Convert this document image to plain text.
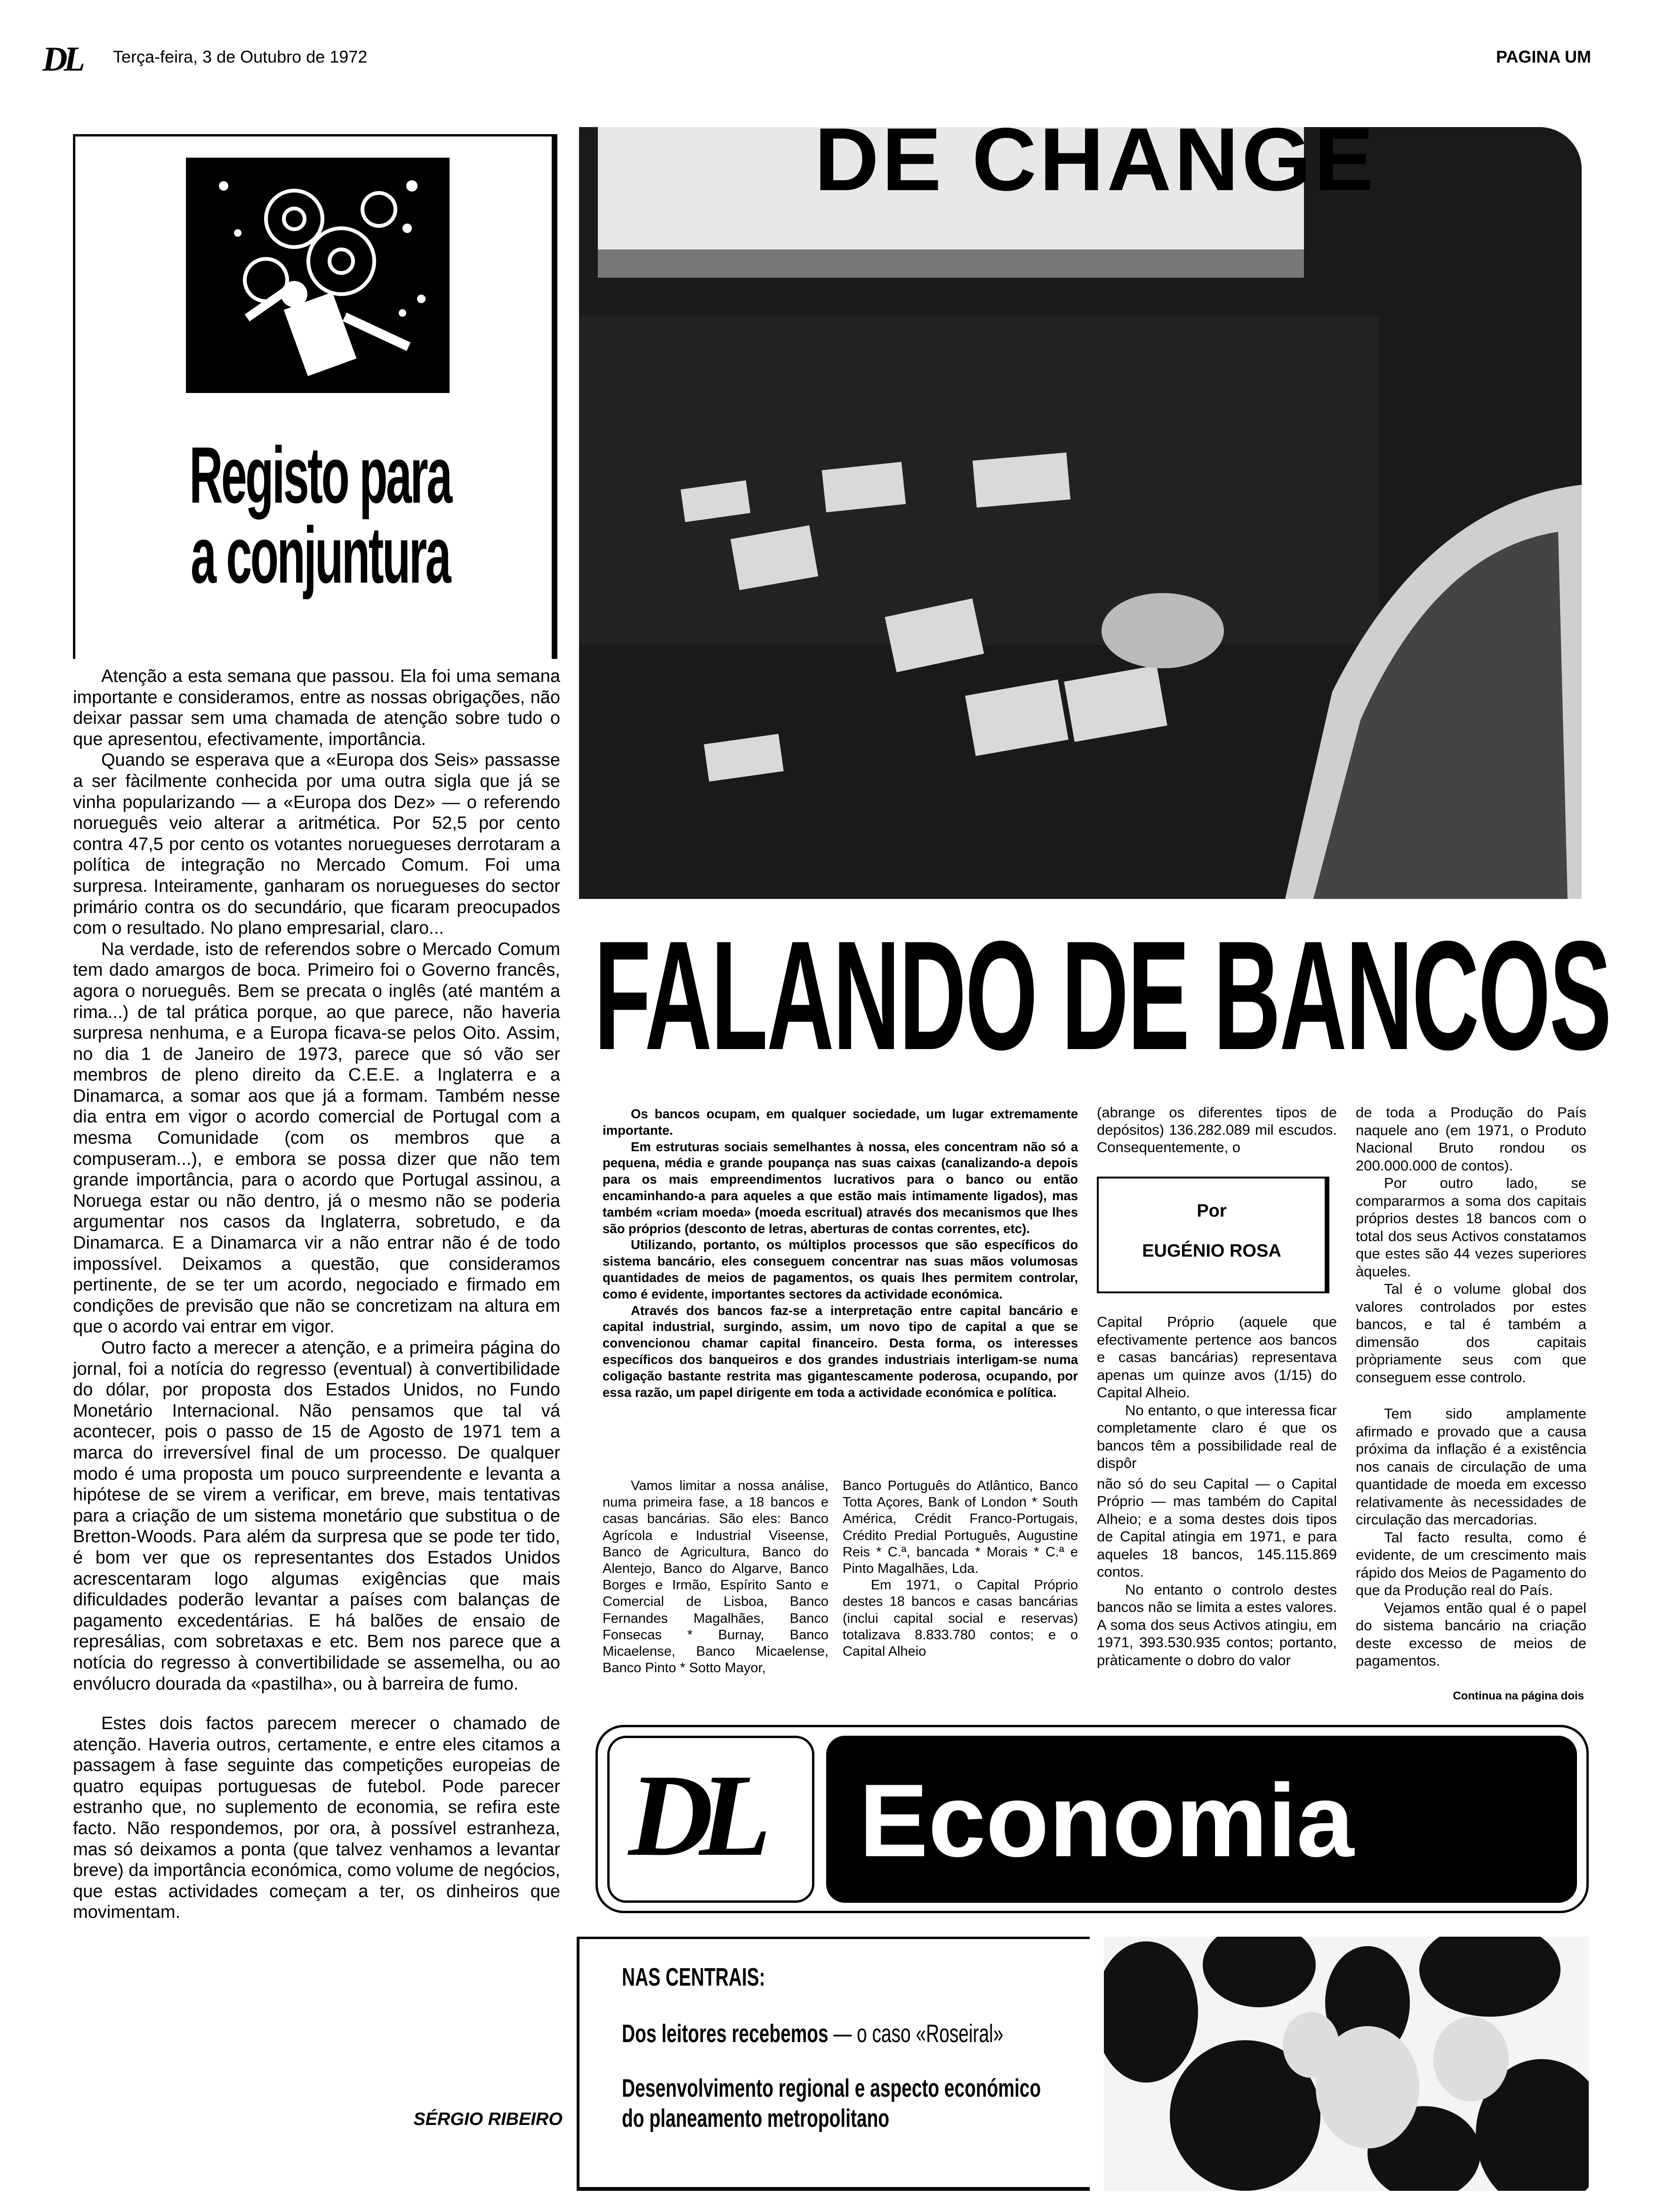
DL Terça-feira, 3 de Outubro de 1972	PAGINA UM
Registo para a conjuntura

Atenção a esta semana que passou. Ela foi uma semana importante e consideramos, entre as nossas obrigações, não deixar passar sem uma chamada de atenção sobre tudo o que apresentou, efectivamente, importância.

Quando se esperava que a «Europa dos Seis» passasse a ser fàcilmente conhecida por uma outra sigla que já se vinha popularizando — a «Europa dos Dez» — o referendo norueguês veio alterar a aritmética. Por 52,5 por cento contra 47,5 por cento os votantes noruegueses derrotaram a política de integração no Mercado Comum. Foi uma surpresa. Inteiramente, ganharam os noruegueses do sector primário contra os do secundário, que ficaram preocupados com o resultado. No plano empresarial, claro...

Na verdade, isto de referendos sobre o Mercado Comum tem dado amargos de boca. Primeiro foi o Governo francês, agora o norueguês. Bem se precata o inglês (até mantém a rima...) de tal prática porque, ao que parece, não haveria surpresa nenhuma, e a Europa ficava-se pelos Oito. Assim, no dia 1 de Janeiro de 1973, parece que só vão ser membros de pleno direito da C.E.E. a Inglaterra e a Dinamarca, a somar aos que já a formam. Também nesse dia entra em vigor o acordo comercial de Portugal com a mesma Comunidade (com os membros que a compuseram...), e embora se possa dizer que não tem grande importância, para o acordo que Portugal assinou, a Noruega estar ou não dentro, já o mesmo não se poderia argumentar nos casos da Inglaterra, sobretudo, e da Dinamarca. E a Dinamarca vir a não entrar não é de todo impossível. Deixamos a questão, que consideramos pertinente, de se ter um acordo, negociado e firmado em condições de previsão que não se concretizam na altura em que o acordo vai entrar em vigor.

Outro facto a merecer a atenção, e a primeira página do jornal, foi a notícia do regresso (eventual) à convertibilidade do dólar, por proposta dos Estados Unidos, no Fundo Monetário Internacional. Não pensamos que tal vá acontecer, pois o passo de 15 de Agosto de 1971 tem a marca do irreversível final de um processo. De qualquer modo é uma proposta um pouco surpreendente e levanta a hipótese de se virem a verificar, em breve, mais tentativas para a criação de um sistema monetário que substitua o de Bretton-Woods. Para além da surpresa que se pode ter tido, é bom ver que os representantes dos Estados Unidos acrescentaram logo algumas exigências que mais dificuldades poderão levantar a países com balanças de pagamento excedentárias. E há balões de ensaio de represálias, com sobretaxas e etc. Bem nos parece que a notícia do regresso à convertibilidade se assemelha, ou ao envólucro dourada da «pastilha», ou à barreira de fumo.

Estes dois factos parecem merecer o chamado de atenção. Haveria outros, certamente, e entre eles citamos a passagem à fase seguinte das competições europeias de quatro equipas portuguesas de futebol. Pode parecer estranho que, no suplemento de economia, se refira este facto. Não respondemos, por ora, à possível estranheza, mas só deixamos a ponta (que talvez venhamos a levantar breve) da importância económica, como volume de negócios, que estas actividades começam a ter, os dinheiros que movimentam.

SÉRGIO RIBEIRO
DE CHANGE
FALANDO DE BANCOS

Os bancos ocupam, em qualquer sociedade, um lugar extremamente importante.

Em estruturas sociais semelhantes à nossa, eles concentram não só a pequena, média e grande poupança nas suas caixas (canalizando-a depois para os mais empreendimentos lucrativos para o banco ou então encaminhando-a para aqueles a que estão mais intimamente ligados), mas também «criam moeda» (moeda escritual) através dos mecanismos que lhes são próprios (desconto de letras, aberturas de contas correntes, etc).

Utilizando, portanto, os múltiplos processos que são específicos do sistema bancário, eles conseguem concentrar nas suas mãos volumosas quantidades de meios de pagamentos, os quais lhes permitem controlar, como é evidente, importantes sectores da actividade económica.

Através dos bancos faz-se a interpretação entre capital bancário e capital industrial, surgindo, assim, um novo tipo de capital a que se convencionou chamar capital financeiro. Desta forma, os interesses específicos dos banqueiros e dos grandes industriais interligam-se numa coligação bastante restrita mas gigantescamente poderosa, ocupando, por essa razão, um papel dirigente em toda a actividade económica e política.

Vamos limitar a nossa análise, numa primeira fase, a 18 bancos e casas bancárias. São eles: Banco Agrícola e Industrial Viseense, Banco de Agricultura, Banco do Alentejo, Banco do Algarve, Banco Borges e Irmão, Espírito Santo e Comercial de Lisboa, Banco Fernandes Magalhães, Banco Fonsecas * Burnay, Banco Micaelense, Banco Micaelense, Banco Pinto * Sotto Mayor,

Banco Português do Atlântico, Banco Totta Açores, Bank of London * South América, Crédit Franco-Portugais, Crédito Predial Português, Augustine Reis * C.ª, bancada * Morais * C.ª e Pinto Magalhães, Lda.

Em 1971, o Capital Próprio destes 18 bancos e casas bancárias (inclui capital social e reservas) totalizava 8.833.780 contos; e o Capital Alheio

(abrange os diferentes tipos de depósitos) 136.282.089 mil escudos. Consequentemente, o

Por
EUGÉNIO ROSA

Capital Próprio (aquele que efectivamente pertence aos bancos e casas bancárias) representava apenas um quinze avos (1/15) do Capital Alheio.

No entanto, o que interessa ficar completamente claro é que os bancos têm a possibilidade real de dispôr

não só do seu Capital — o Capital Próprio — mas também do Capital Alheio; e a soma destes dois tipos de Capital atingia em 1971, e para aqueles 18 bancos, 145.115.869 contos.

No entanto o controlo destes bancos não se limita a estes valores. A soma dos seus Activos atingiu, em 1971, 393.530.935 contos; portanto, pràticamente o dobro do valor

de toda a Produção do País naquele ano (em 1971, o Produto Nacional Bruto rondou os 200.000.000 de contos).

Por outro lado, se compararmos a soma dos capitais próprios destes 18 bancos com o total dos seus Activos constatamos que estes são 44 vezes superiores àqueles.

Tal é o volume global dos valores controlados por estes bancos, e tal é também a dimensão dos capitais pròpriamente seus com que conseguem esse controlo.

Tem sido amplamente afirmado e provado que a causa próxima da inflação é a existência nos canais de circulação de uma quantidade de moeda em excesso relativamente às necessidades de circulação das mercadorias.

Tal facto resulta, como é evidente, de um crescimento mais rápido dos Meios de Pagamento do que da Produção real do País.

Vejamos então qual é o papel do sistema bancário na criação deste excesso de meios de pagamentos.

Continua na página dois
DL Economia
NAS CENTRAIS:
Dos leitores recebemos — o caso «Roseiral»
Desenvolvimento regional e aspecto económico do planeamento metropolitano
